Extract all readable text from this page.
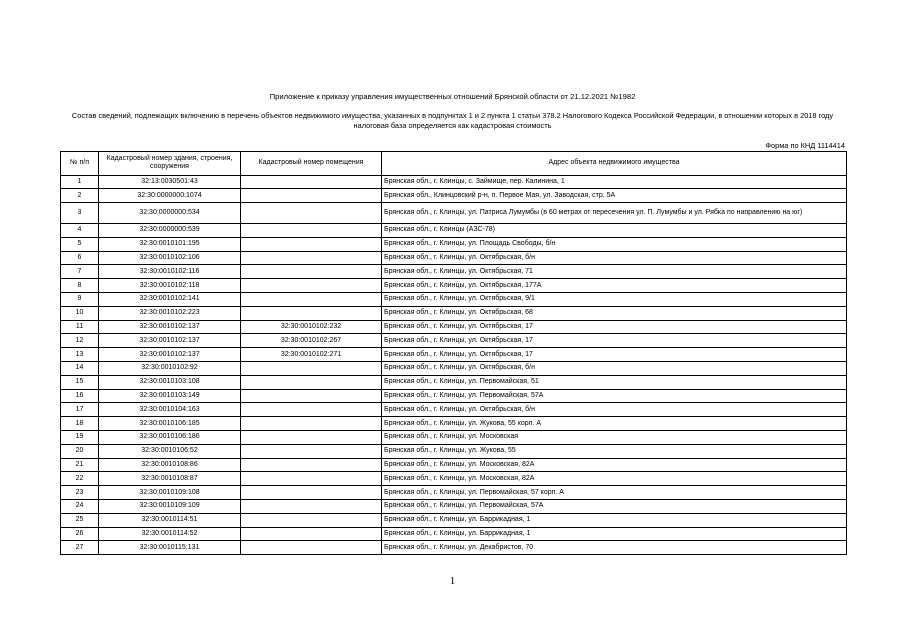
Приложение к приказу управления имущественных отношений Брянской области от 21.12.2021 №1982
Состав сведений, подлежащих включению в перечень объектов недвижимого имущества, указанных в подпунктах 1 и 2 пункта 1 статьи 378.2 Налогового Кодекса Российской Федерации, в отношении которых в 2018 году налоговая база определяется как кадастровая стоимость
Форма по КНД 1114414
№ п/п	Кадастровый номер здания, строения, сооружения	Кадастровый номер помещения	Адрес объекта недвижимого имущества
1	32:13:0030501:43		Брянская обл., г. Клинцы, с. Займище, пер. Калинина, 1
2	32:30:0000000:1074		Брянская обл., Клинцовский р-н, п. Первое Мая, ул. Заводская, стр. 5А
3	32:30:0000000:534		Брянская обл., г. Клинцы, ул. Патриса Лумумбы (в 60 метрах от пересечения ул. П. Лумумбы и ул. Рябка по направлению на юг)
4	32:30:0000000:539		Брянская обл., г. Клинцы (АЗС-78)
5	32:30:0010101:195		Брянская обл., г. Клинцы, ул. Площадь Свободы, б/н
6	32:30:0010102:106		Брянская обл., г. Клинцы, ул. Октябрьская, б/н
7	32:30:0010102:116		Брянская обл., г. Клинцы, ул. Октябрьская, 71
8	32:30:0010102:118		Брянская обл., г. Клинцы, ул. Октябрьская, 177А
9	32:30:0010102:141		Брянская обл., г. Клинцы, ул. Октябрьская, 9/1
10	32:30:0010102:223		Брянская обл., г. Клинцы, ул. Октябрьская, 68
11	32:30:0010102:137	32:30:0010102:232	Брянская обл., г. Клинцы, ул. Октябрьская, 17
12	32:30:0010102:137	32:30:0010102:267	Брянская обл., г. Клинцы, ул. Октябрьская, 17
13	32:30:0010102:137	32:30:0010102:271	Брянская обл., г. Клинцы, ул. Октябрьская, 17
14	32:30:0010102:92		Брянская обл., г. Клинцы, ул. Октябрьская, б/н
15	32:30:0010103:108		Брянская обл., г. Клинцы, ул. Первомайская, 51
16	32:30:0010103:149		Брянская обл., г. Клинцы, ул. Первомайская, 57А
17	32:30:0010104:163		Брянская обл., г. Клинцы, ул. Октябрьская, б/н
18	32:30:0010106:185		Брянская обл., г. Клинцы, ул. Жукова, 55 корп. А
19	32:30:0010106:186		Брянская обл., г. Клинцы, ул. Московская
20	32:30:0010106:52		Брянская обл., г. Клинцы, ул. Жукова, 55
21	32:30:0010108:86		Брянская обл., г. Клинцы, ул. Московская, 82А
22	32:30:0010108:87		Брянская обл., г. Клинцы, ул. Московская, 82А
23	32:30:0010109:108		Брянская обл., г. Клинцы, ул. Первомайская, 57 корп. А
24	32:30:0010109:109		Брянская обл., г. Клинцы, ул. Первомайская, 57А
25	32:30:0010114:51		Брянская обл., г. Клинцы, ул. Баррикадная, 1
26	32:30:0010114:52		Брянская обл., г. Клинцы, ул. Баррикадная, 1
27	32:30:0010115:131		Брянская обл., г. Клинцы, ул. Декабристов, 70
1
